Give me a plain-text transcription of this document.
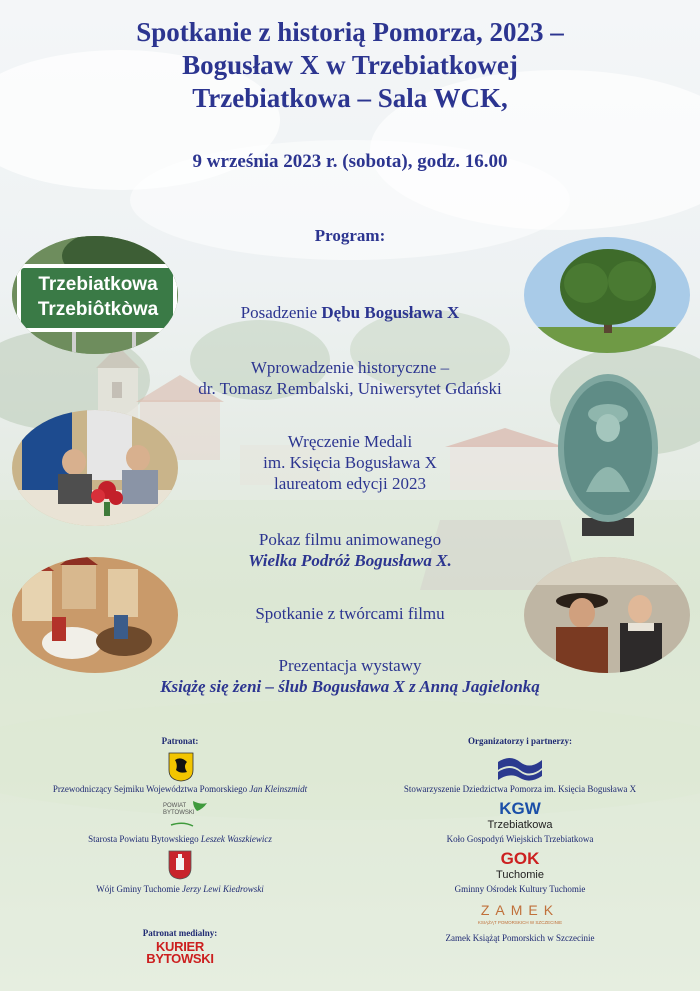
Spotkanie z historią Pomorza, 2023 –
Bogusław X w Trzebiatkowej
Trzebiatkowa – Sala WCK,
9 września 2023 r. (sobota), godz. 16.00
Program:
Posadzenie Dębu Bogusława X
Wprowadzenie historyczne –
dr. Tomasz Rembalski, Uniwersytet Gdański
Wręczenie Medali
im. Księcia Bogusława X
laureatom edycji 2023
Pokaz filmu animowanego
Wielka Podróż Bogusława X.
Spotkanie z twórcami filmu
Prezentacja wystawy
Książę się żeni – ślub Bogusława X z Anną Jagielonką
Trzebiatkowa
Trzebiôtkòwa
Patronat:
Przewodniczący Sejmiku Województwa Pomorskiego Jan Kleinszmidt
POWIAT
BYTOWSKI
Starosta Powiatu Bytowskiego Leszek Waszkiewicz
Wójt Gminy Tuchomie Jerzy Lewi Kiedrowski
Patronat medialny:
KURIER
BYTOWSKI
Organizatorzy i partnerzy:
Stowarzyszenie Dziedzictwa Pomorza im. Księcia Bogusława X
KGW
Trzebiatkowa
Koło Gospodyń Wiejskich Trzebiatkowa
GOK
Tuchomie
Gminny Ośrodek Kultury Tuchomie
ZAMEK
KSIĄŻĄT POMORSKICH W SZCZECINIE
Zamek Książąt Pomorskich w Szczecinie
